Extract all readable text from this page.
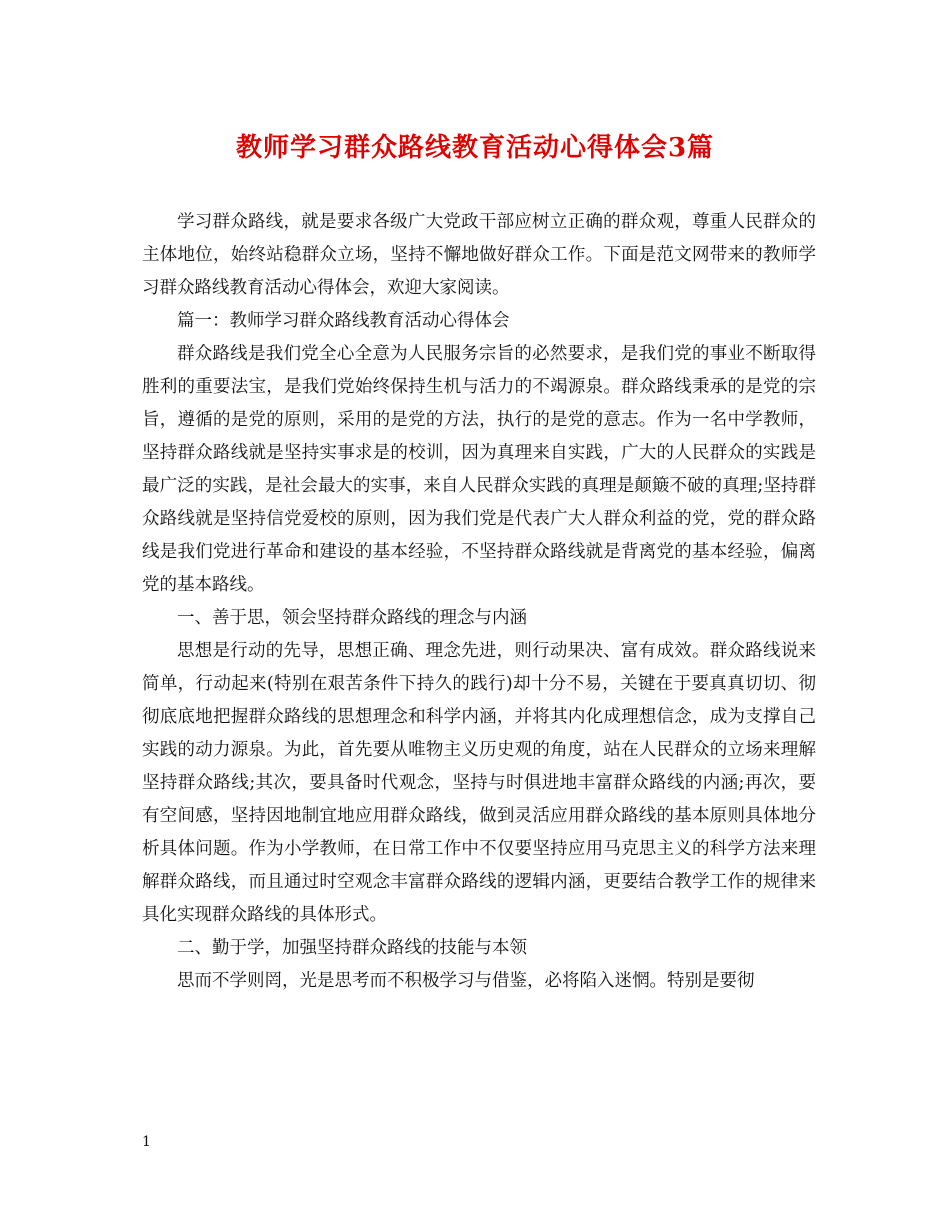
教师学习群众路线教育活动心得体会3篇

学习群众路线，就是要求各级广大党政干部应树立正确的群众观，尊重人民群众的主体地位，始终站稳群众立场，坚持不懈地做好群众工作。下面是范文网带来的教师学习群众路线教育活动心得体会，欢迎大家阅读。

篇一：教师学习群众路线教育活动心得体会

群众路线是我们党全心全意为人民服务宗旨的必然要求，是我们党的事业不断取得胜利的重要法宝，是我们党始终保持生机与活力的不竭源泉。群众路线秉承的是党的宗旨，遵循的是党的原则，采用的是党的方法，执行的是党的意志。作为一名中学教师，坚持群众路线就是坚持实事求是的校训，因为真理来自实践，广大的人民群众的实践是最广泛的实践，是社会最大的实事，来自人民群众实践的真理是颠簸不破的真理;坚持群众路线就是坚持信党爱校的原则，因为我们党是代表广大人群众利益的党，党的群众路线是我们党进行革命和建设的基本经验，不坚持群众路线就是背离党的基本经验，偏离党的基本路线。

一、善于思，领会坚持群众路线的理念与内涵

思想是行动的先导，思想正确、理念先进，则行动果决、富有成效。群众路线说来简单，行动起来(特别在艰苦条件下持久的践行)却十分不易，关键在于要真真切切、彻彻底底地把握群众路线的思想理念和科学内涵，并将其内化成理想信念，成为支撑自己实践的动力源泉。为此，首先要从唯物主义历史观的角度，站在人民群众的立场来理解坚持群众路线;其次，要具备时代观念，坚持与时俱进地丰富群众路线的内涵;再次，要有空间感，坚持因地制宜地应用群众路线，做到灵活应用群众路线的基本原则具体地分析具体问题。作为小学教师，在日常工作中不仅要坚持应用马克思主义的科学方法来理解群众路线，而且通过时空观念丰富群众路线的逻辑内涵，更要结合教学工作的规律来具化实现群众路线的具体形式。

二、勤于学，加强坚持群众路线的技能与本领

思而不学则罔，光是思考而不积极学习与借鉴，必将陷入迷惘。特别是要彻

1
